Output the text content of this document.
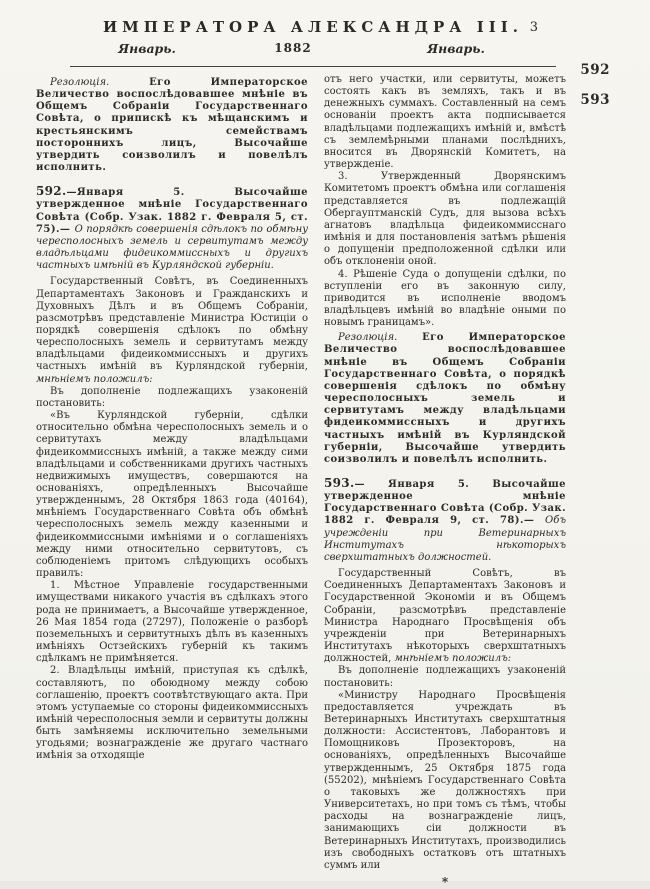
ИМПЕРАТОРА АЛЕКСАНДРА III. 3
Январь.	1882	Январь.
592
593

Резолюція. Его Императорское Величество воспослѣдовавшее мнѣніе въ Общемъ Собраніи Государственнаго Совѣта, о припискѣ къ мѣщанскимъ и крестьянскимъ семействамъ постороннихъ лицъ, Высочайше утвердить соизволилъ и повелѣлъ исполнить.

592.—Января 5. Высочайше утвержденное мнѣніе Государственнаго Совѣта (Собр. Узак. 1882 г. Февраля 5, ст. 75).— О порядкѣ совершенія сдѣлокъ по обмѣну чересполосныхъ земель и сервитутамъ между владѣльцами фидеикоммиссныхъ и другихъ частныхъ имѣній въ Курляндской губерніи.

Государственный Совѣтъ, въ Соединенныхъ Департаментахъ Законовъ и Гражданскихъ и Духовныхъ Дѣлъ и въ Общемъ Собраніи, разсмотрѣвъ представленіе Министра Юстиціи о порядкѣ совершенія сдѣлокъ по обмѣну чересполосныхъ земель и сервитутамъ между владѣльцами фидеикоммиссныхъ и другихъ частныхъ имѣній въ Курляндской губерніи, мнѣніемъ положилъ:

Въ дополненіе подлежащихъ узаконеній постановить:

«Въ Курляндской губерніи, сдѣлки относительно обмѣна чересполосныхъ земель и о сервитутахъ между владѣльцами фидеикоммиссныхъ имѣній, а также между сими владѣльцами и собственниками другихъ частныхъ недвижимыхъ имуществъ, совершаются на основаніяхъ, опредѣленныхъ Высочайше утвержденнымъ, 28 Октября 1863 года (40164), мнѣніемъ Государственнаго Совѣта объ обмѣнѣ чересполосныхъ земель между казенными и фидеикоммиссными имѣніями и о соглашеніяхъ между ними относительно сервитутовъ, съ соблюденіемъ притомъ слѣдующихъ особыхъ правилъ:

1. Мѣстное Управленіе государственными имуществами никакого участія въ сдѣлкахъ этого рода не принимаетъ, а Высочайше утвержденное, 26 Мая 1854 года (27297), Положеніе о разборѣ поземельныхъ и сервитутныхъ дѣлъ въ казенныхъ имѣніяхъ Остзейскихъ губерній къ такимъ сдѣлкамъ не примѣняется.

2. Владѣльцы имѣній, приступая къ сдѣлкѣ, составляютъ, по обоюдному между собою соглашенію, проектъ соотвѣтствующаго акта. При этомъ уступаемые со стороны фидеикоммиссныхъ имѣній чересполосныя земли и сервитуты должны быть замѣняемы исключительно земельными угодьями; вознагражденіе же другаго частнаго имѣнія за отходящіе

отъ него участки, или сервитуты, можетъ состоять какъ въ земляхъ, такъ и въ денежныхъ суммахъ. Составленный на семъ основаніи проектъ акта подписывается владѣльцами подлежащихъ имѣній и, вмѣстѣ съ землемѣрными планами послѣднихъ, вносится въ Дворянскій Комитетъ, на утвержденіе.

3. Утвержденный Дворянскимъ Комитетомъ проектъ обмѣна или соглашенія представляется въ подлежащій Обергауптманскій Судъ, для вызова всѣхъ агнатовъ владѣльца фидеикоммисснаго имѣнія и для постановленія затѣмъ рѣшенія о допущеніи предположенной сдѣлки или объ отклоненіи оной.

4. Рѣшеніе Суда о допущеніи сдѣлки, по вступленіи его въ законную силу, приводится въ исполненіе вводомъ владѣльцевъ имѣній во владѣніе оными по новымъ границамъ».

Резолюція. Его Императорское Величество воспослѣдовавшее мнѣніе въ Общемъ Собраніи Государственнаго Совѣта, о порядкѣ совершенія сдѣлокъ по обмѣну чересполосныхъ земель и сервитутамъ между владѣльцами фидеикоммиссныхъ и другихъ частныхъ имѣній въ Курляндской губерніи, Высочайше утвердить соизволилъ и повелѣлъ исполнить.

593.— Января 5. Высочайше утвержденное мнѣніе Государственнаго Совѣта (Собр. Узак. 1882 г. Февраля 9, ст. 78).— Объ учрежденіи при Ветеринарныхъ Институтахъ нѣкоторыхъ сверхштатныхъ должностей.

Государственный Совѣтъ, въ Соединенныхъ Департаментахъ Законовъ и Государственной Экономіи и въ Общемъ Собраніи, разсмотрѣвъ представленіе Министра Народнаго Просвѣщенія объ учрежденіи при Ветеринарныхъ Институтахъ нѣкоторыхъ сверхштатныхъ должностей, мнѣніемъ положилъ:

Въ дополненіе подлежащихъ узаконеній постановить:

«Министру Народнаго Просвѣщенія предоставляется учреждать въ Ветеринарныхъ Институтахъ сверхштатныя должности: Ассистентовъ, Лаборантовъ и Помощниковъ Прозекторовъ, на основаніяхъ, опредѣленныхъ Высочайше утвержденнымъ, 25 Октября 1875 года (55202), мнѣніемъ Государственнаго Совѣта о таковыхъ же должностяхъ при Университетахъ, но при томъ съ тѣмъ, чтобы расходы на вознагражденіе лицъ, занимающихъ сіи должности въ Ветеринарныхъ Институтахъ, производились изъ свободныхъ остатковъ отъ штатныхъ суммъ или

*
